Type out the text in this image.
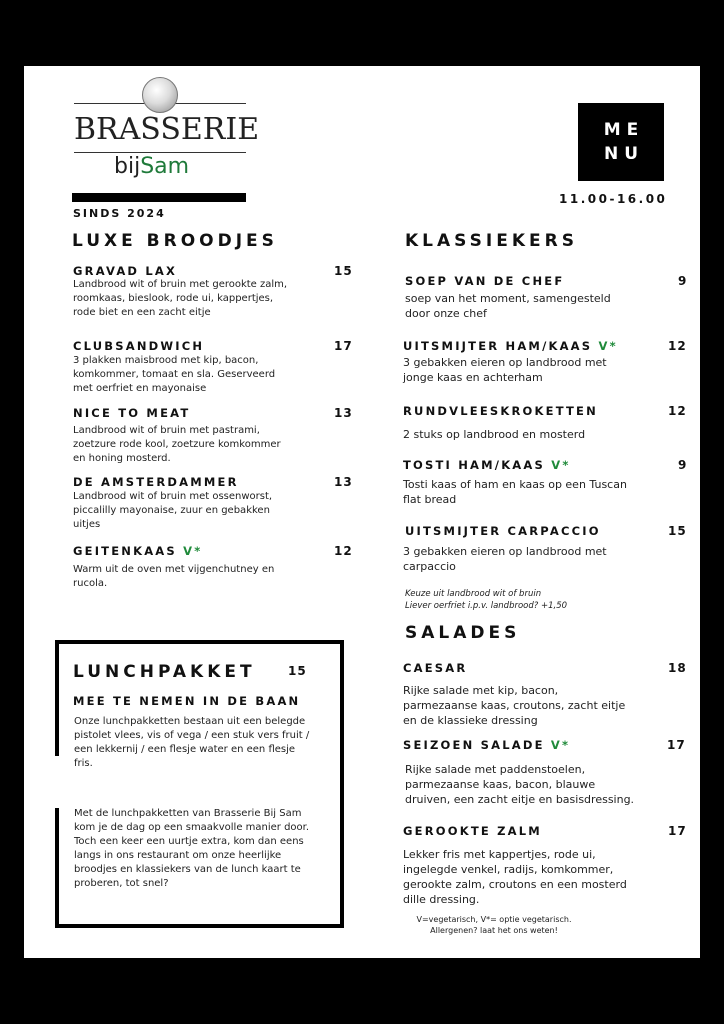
BRASSERIE
bijSam
SINDS 2024
ME
NU
11.00-16.00
LUXE BROODJES
GRAVAD LAX	15
Landbrood wit of bruin met gerookte zalm,
roomkaas, bieslook, rode ui, kappertjes,
rode biet en een zacht eitje
CLUBSANDWICH	17
3 plakken maisbrood met kip, bacon,
komkommer, tomaat en sla. Geserveerd
met oerfriet en mayonaise
NICE TO MEAT	13
Landbrood wit of bruin met pastrami,
zoetzure rode kool, zoetzure komkommer
en honing mosterd.
DE AMSTERDAMMER	13
Landbrood wit of bruin met ossenworst,
piccalilly mayonaise, zuur en gebakken
uitjes
GEITENKAAS V*	12
Warm uit de oven met vijgenchutney en
rucola.
LUNCHPAKKET	15
MEE TE NEMEN IN DE BAAN
Onze lunchpakketten bestaan uit een belegde
pistolet vlees, vis of vega / een stuk vers fruit /
een lekkernij / een flesje water en een flesje
fris.
Met de lunchpakketten van Brasserie Bij Sam
kom je de dag op een smaakvolle manier door.
Toch een keer een uurtje extra, kom dan eens
langs in ons restaurant om onze heerlijke
broodjes en klassiekers van de lunch kaart te
proberen, tot snel?
KLASSIEKERS
SOEP VAN DE CHEF	9
soep van het moment, samengesteld
door onze chef
UITSMIJTER HAM/KAAS V*	12
3 gebakken eieren op landbrood met
jonge kaas en achterham
RUNDVLEESKROKETTEN	12
2 stuks op landbrood en mosterd
TOSTI HAM/KAAS V*	9
Tosti kaas of ham en kaas op een Tuscan
flat bread
UITSMIJTER CARPACCIO	15
3 gebakken eieren op landbrood met
carpaccio
Keuze uit landbrood wit of bruin
Liever oerfriet i.p.v. landbrood? +1,50
SALADES
CAESAR	18
Rijke salade met kip, bacon,
parmezaanse kaas, croutons, zacht eitje
en de klassieke dressing
SEIZOEN SALADE V*	17
Rijke salade met paddenstoelen,
parmezaanse kaas, bacon, blauwe
druiven, een zacht eitje en basisdressing.
GEROOKTE ZALM	17
Lekker fris met kappertjes, rode ui,
ingelegde venkel, radijs, komkommer,
gerookte zalm, croutons en een mosterd
dille dressing.
V=vegetarisch, V*= optie vegetarisch.
Allergenen? laat het ons weten!
